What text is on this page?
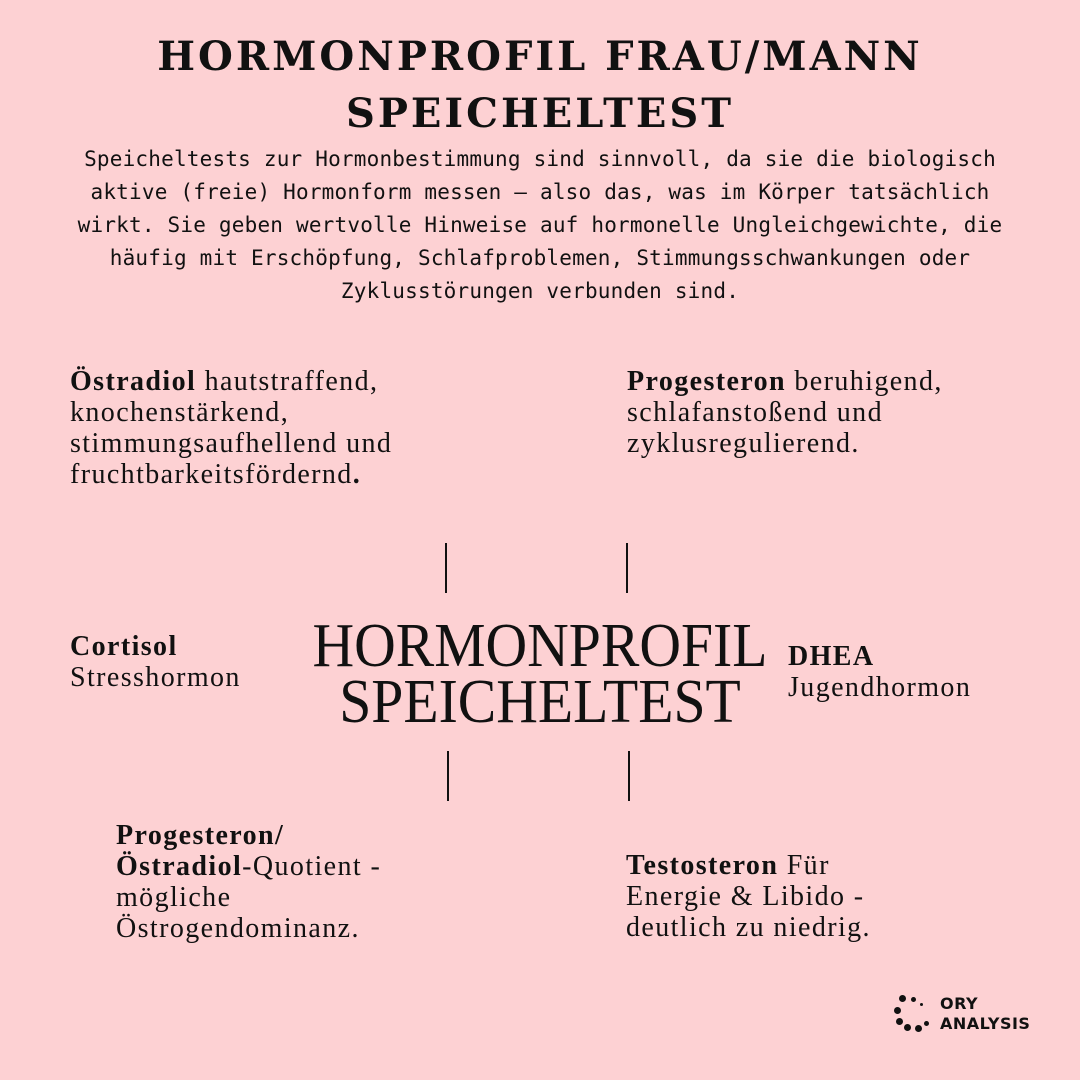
HORMONPROFIL FRAU/MANN
SPEICHELTEST

Speicheltests zur Hormonbestimmung sind sinnvoll, da sie die biologisch aktive (freie) Hormonform messen – also das, was im Körper tatsächlich wirkt. Sie geben wertvolle Hinweise auf hormonelle Ungleichgewichte, die häufig mit Erschöpfung, Schlafproblemen, Stimmungsschwankungen oder Zyklusstörungen verbunden sind.

Östradiol hautstraffend, knochenstärkend, stimmungsaufhellend und fruchtbarkeitsfördernd.
Progesteron beruhigend, schlafanstoßend und zyklusregulierend.
Cortisol
Stresshormon	HORMONPROFIL
SPEICHELTEST
DHEA
Jugendhormon
Progesteron/
Östradiol-Quotient - mögliche Östrogendominanz.
Testosteron Für Energie & Libido - deutlich zu niedrig.
ORY
ANALYSIS
